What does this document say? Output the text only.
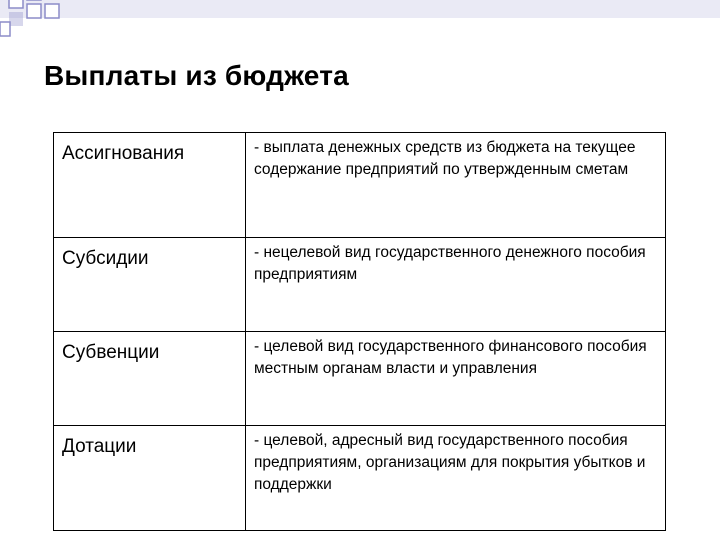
Выплаты из бюджета
Ассигнования	- выплата денежных средств из бюджета на текущее содержание предприятий по утвержденным сметам
Субсидии	- нецелевой вид государственного денежного пособия предприятиям
Субвенции	- целевой вид государственного финансового пособия местным органам власти и управления
Дотации	- целевой, адресный вид государственного пособия предприятиям, организациям для покрытия убытков и поддержки
